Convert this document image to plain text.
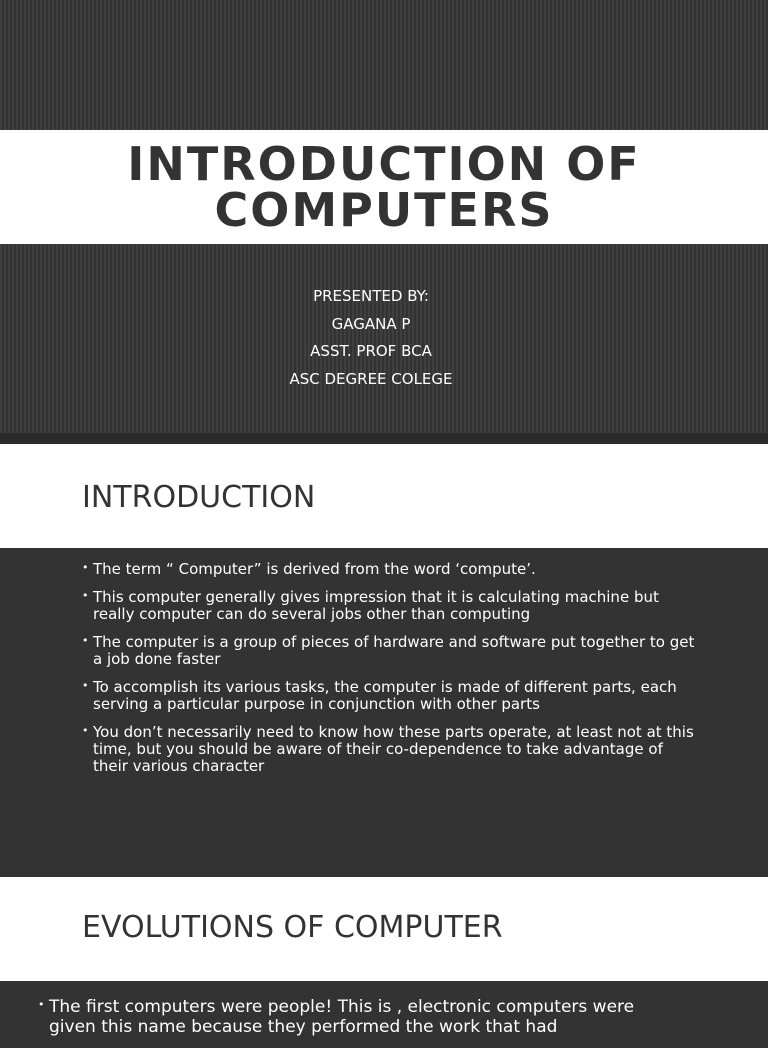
INTRODUCTION OF COMPUTERS
PRESENTED BY:
GAGANA P
ASST. PROF BCA
ASC DEGREE COLEGE
INTRODUCTION
• The term “ Computer” is derived from the word ‘compute’.
• This computer generally gives impression that it is calculating machine but really computer can do several jobs other than computing
• The computer is a group of pieces of hardware and software put together to get a job done faster
• To accomplish its various tasks, the computer is made of different parts, each serving a particular purpose in conjunction with other parts
• You don’t necessarily need to know how these parts operate, at least not at this time, but you should be aware of their co-dependence to take advantage of their various character
EVOLUTIONS OF COMPUTER
• The first computers were people! This is , electronic computers were given this name because they performed the work that had
